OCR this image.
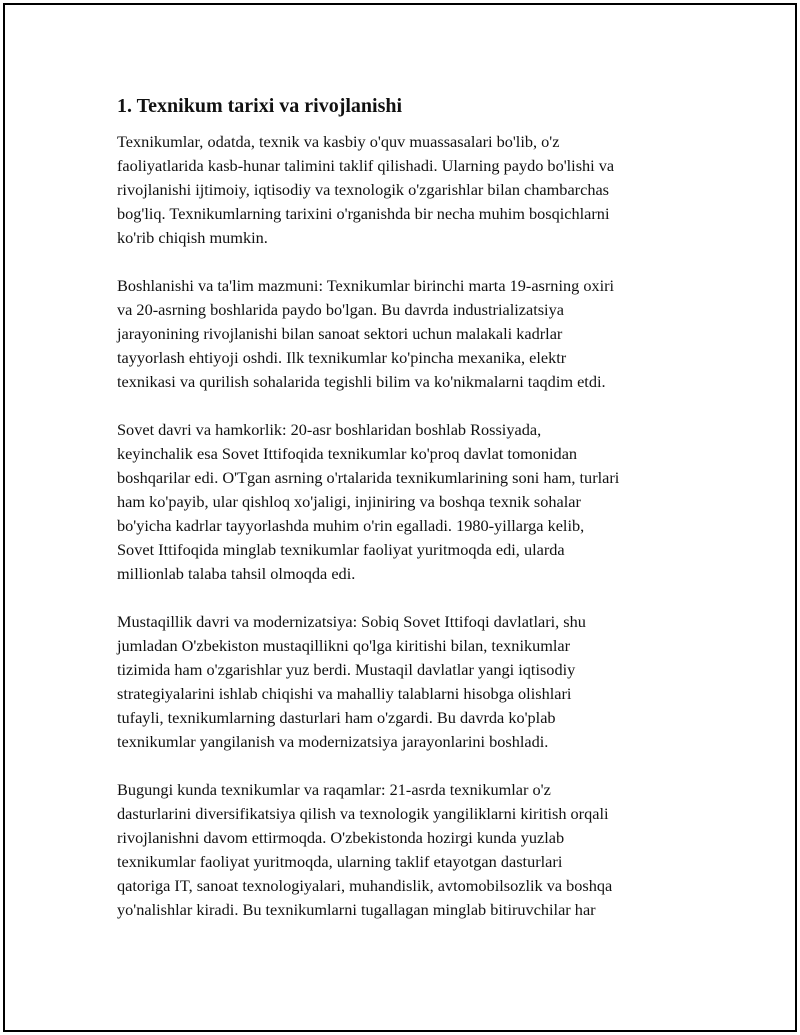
1. Texnikum tarixi va rivojlanishi
Texnikumlar, odatda, texnik va kasbiy o'quv muassasalari bo'lib, o'z
faoliyatlarida kasb-hunar talimini taklif qilishadi. Ularning paydo bo'lishi va
rivojlanishi ijtimoiy, iqtisodiy va texnologik o'zgarishlar bilan chambarchas
bog'liq. Texnikumlarning tarixini o'rganishda bir necha muhim bosqichlarni
ko'rib chiqish mumkin.
Boshlanishi va ta'lim mazmuni: Texnikumlar birinchi marta 19-asrning oxiri
va 20-asrning boshlarida paydo bo'lgan. Bu davrda industrializatsiya
jarayonining rivojlanishi bilan sanoat sektori uchun malakali kadrlar
tayyorlash ehtiyoji oshdi. Ilk texnikumlar ko'pincha mexanika, elektr
texnikasi va qurilish sohalarida tegishli bilim va ko'nikmalarni taqdim etdi.
Sovet davri va hamkorlik: 20-asr boshlaridan boshlab Rossiyada,
keyinchalik esa Sovet Ittifoqida texnikumlar ko'proq davlat tomonidan
boshqarilar edi. O'Tgan asrning o'rtalarida texnikumlarining soni ham, turlari
ham ko'payib, ular qishloq xo'jaligi, injiniring va boshqa texnik sohalar
bo'yicha kadrlar tayyorlashda muhim o'rin egalladi. 1980-yillarga kelib,
Sovet Ittifoqida minglab texnikumlar faoliyat yuritmoqda edi, ularda
millionlab talaba tahsil olmoqda edi.
Mustaqillik davri va modernizatsiya: Sobiq Sovet Ittifoqi davlatlari, shu
jumladan O'zbekiston mustaqillikni qo'lga kiritishi bilan, texnikumlar
tizimida ham o'zgarishlar yuz berdi. Mustaqil davlatlar yangi iqtisodiy
strategiyalarini ishlab chiqishi va mahalliy talablarni hisobga olishlari
tufayli, texnikumlarning dasturlari ham o'zgardi. Bu davrda ko'plab
texnikumlar yangilanish va modernizatsiya jarayonlarini boshladi.
Bugungi kunda texnikumlar va raqamlar: 21-asrda texnikumlar o'z
dasturlarini diversifikatsiya qilish va texnologik yangiliklarni kiritish orqali
rivojlanishni davom ettirmoqda. O'zbekistonda hozirgi kunda yuzlab
texnikumlar faoliyat yuritmoqda, ularning taklif etayotgan dasturlari
qatoriga IT, sanoat texnologiyalari, muhandislik, avtomobilsozlik va boshqa
yo'nalishlar kiradi. Bu texnikumlarni tugallagan minglab bitiruvchilar har
